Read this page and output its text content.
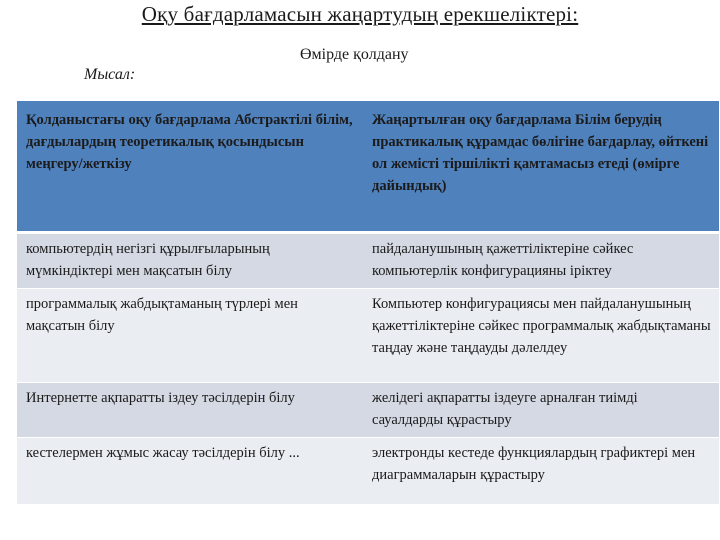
Оқу бағдарламасын жаңартудың ерекшеліктері:
Өмірде қолдану
Мысал:
Қолданыстағы оқу бағдарлама Абстрактілі білім, дағдылардың теоретикалық қосындысын меңгеру/жеткізу	Жаңартылған оқу бағдарлама Білім берудің практикалық құрамдас бөлігіне бағдарлау, өйткені ол жемісті тіршілікті қамтамасыз етеді (өмірге дайындық)
компьютердің негізгі құрылғыларының мүмкіндіктері мен мақсатын білу	пайдаланушының қажеттіліктеріне сәйкес компьютерлік конфигурацияны іріктеу
программалық жабдықтаманың түрлері мен мақсатын білу	Компьютер конфигурациясы мен пайдаланушының қажеттіліктеріне сәйкес программалық жабдықтаманы таңдау және таңдауды дәлелдеу
Интернетте ақпаратты іздеу тәсілдерін білу	желідегі ақпаратты іздеуге арналған тиімді сауалдарды құрастыру
кестелермен жұмыс жасау тәсілдерін білу ...	электронды кестеде функциялардың графиктері мен диаграммаларын құрастыру
